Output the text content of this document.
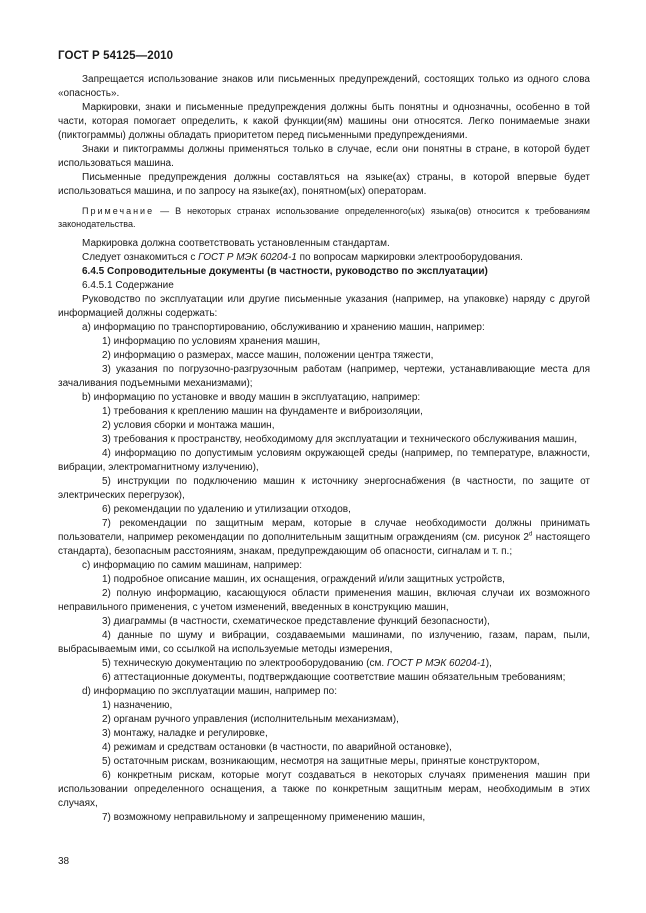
ГОСТ Р 54125—2010

Запрещается использование знаков или письменных предупреждений, состоящих только из одного слова «опасность».

Маркировки, знаки и письменные предупреждения должны быть понятны и однозначны, особенно в той части, которая помогает определить, к какой функции(ям) машины они относятся. Легко понимаемые знаки (пиктограммы) должны обладать приоритетом перед письменными предупреждениями.

Знаки и пиктограммы должны применяться только в случае, если они понятны в стране, в которой будет использоваться машина.

Письменные предупреждения должны составляться на языке(ах) страны, в которой впервые будет использоваться машина, и по запросу на языке(ах), понятном(ых) операторам.

Примечание — В некоторых странах использование определенного(ых) языка(ов) относится к требованиям законодательства.

Маркировка должна соответствовать установленным стандартам.

Следует ознакомиться с ГОСТ Р МЭК 60204-1 по вопросам маркировки электрооборудования.

6.4.5 Сопроводительные документы (в частности, руководство по эксплуатации)

6.4.5.1 Содержание

Руководство по эксплуатации или другие письменные указания (например, на упаковке) наряду с другой информацией должны содержать:

а) информацию по транспортированию, обслуживанию и хранению машин, например:

1) информацию по условиям хранения машин,

2) информацию о размерах, массе машин, положении центра тяжести,

3) указания по погрузочно-разгрузочным работам (например, чертежи, устанавливающие места для зачаливания подъемными механизмами);

b) информацию по установке и вводу машин в эксплуатацию, например:

1) требования к креплению машин на фундаменте и виброизоляции,

2) условия сборки и монтажа машин,

3) требования к пространству, необходимому для эксплуатации и технического обслуживания машин,

4) информацию по допустимым условиям окружающей среды (например, по температуре, влажности, вибрации, электромагнитному излучению),

5) инструкции по подключению машин к источнику энергоснабжения (в частности, по защите от электрических перегрузок),

6) рекомендации по удалению и утилизации отходов,

7) рекомендации по защитным мерам, которые в случае необходимости должны принимать пользователи, например рекомендации по дополнительным защитным ограждениям (см. рисунок 2$^d$ настоящего стандарта), безопасным расстояниям, знакам, предупреждающим об опасности, сигналам и т. п.;

с) информацию по самим машинам, например:

1) подробное описание машин, их оснащения, ограждений и/или защитных устройств,

2) полную информацию, касающуюся области применения машин, включая случаи их возможного неправильного применения, с учетом изменений, введенных в конструкцию машин,

3) диаграммы (в частности, схематическое представление функций безопасности),

4) данные по шуму и вибрации, создаваемыми машинами, по излучению, газам, парам, пыли, выбрасываемым ими, со ссылкой на используемые методы измерения,

5) техническую документацию по электрооборудованию (см. ГОСТ Р МЭК 60204-1),

6) аттестационные документы, подтверждающие соответствие машин обязательным требованиям;

d) информацию по эксплуатации машин, например по:

1) назначению,

2) органам ручного управления (исполнительным механизмам),

3) монтажу, наладке и регулировке,

4) режимам и средствам остановки (в частности, по аварийной остановке),

5) остаточным рискам, возникающим, несмотря на защитные меры, принятые конструктором,

6) конкретным рискам, которые могут создаваться в некоторых случаях применения машин при использовании определенного оснащения, а также по конкретным защитным мерам, необходимым в этих случаях,

7) возможному неправильному и запрещенному применению машин,

38
